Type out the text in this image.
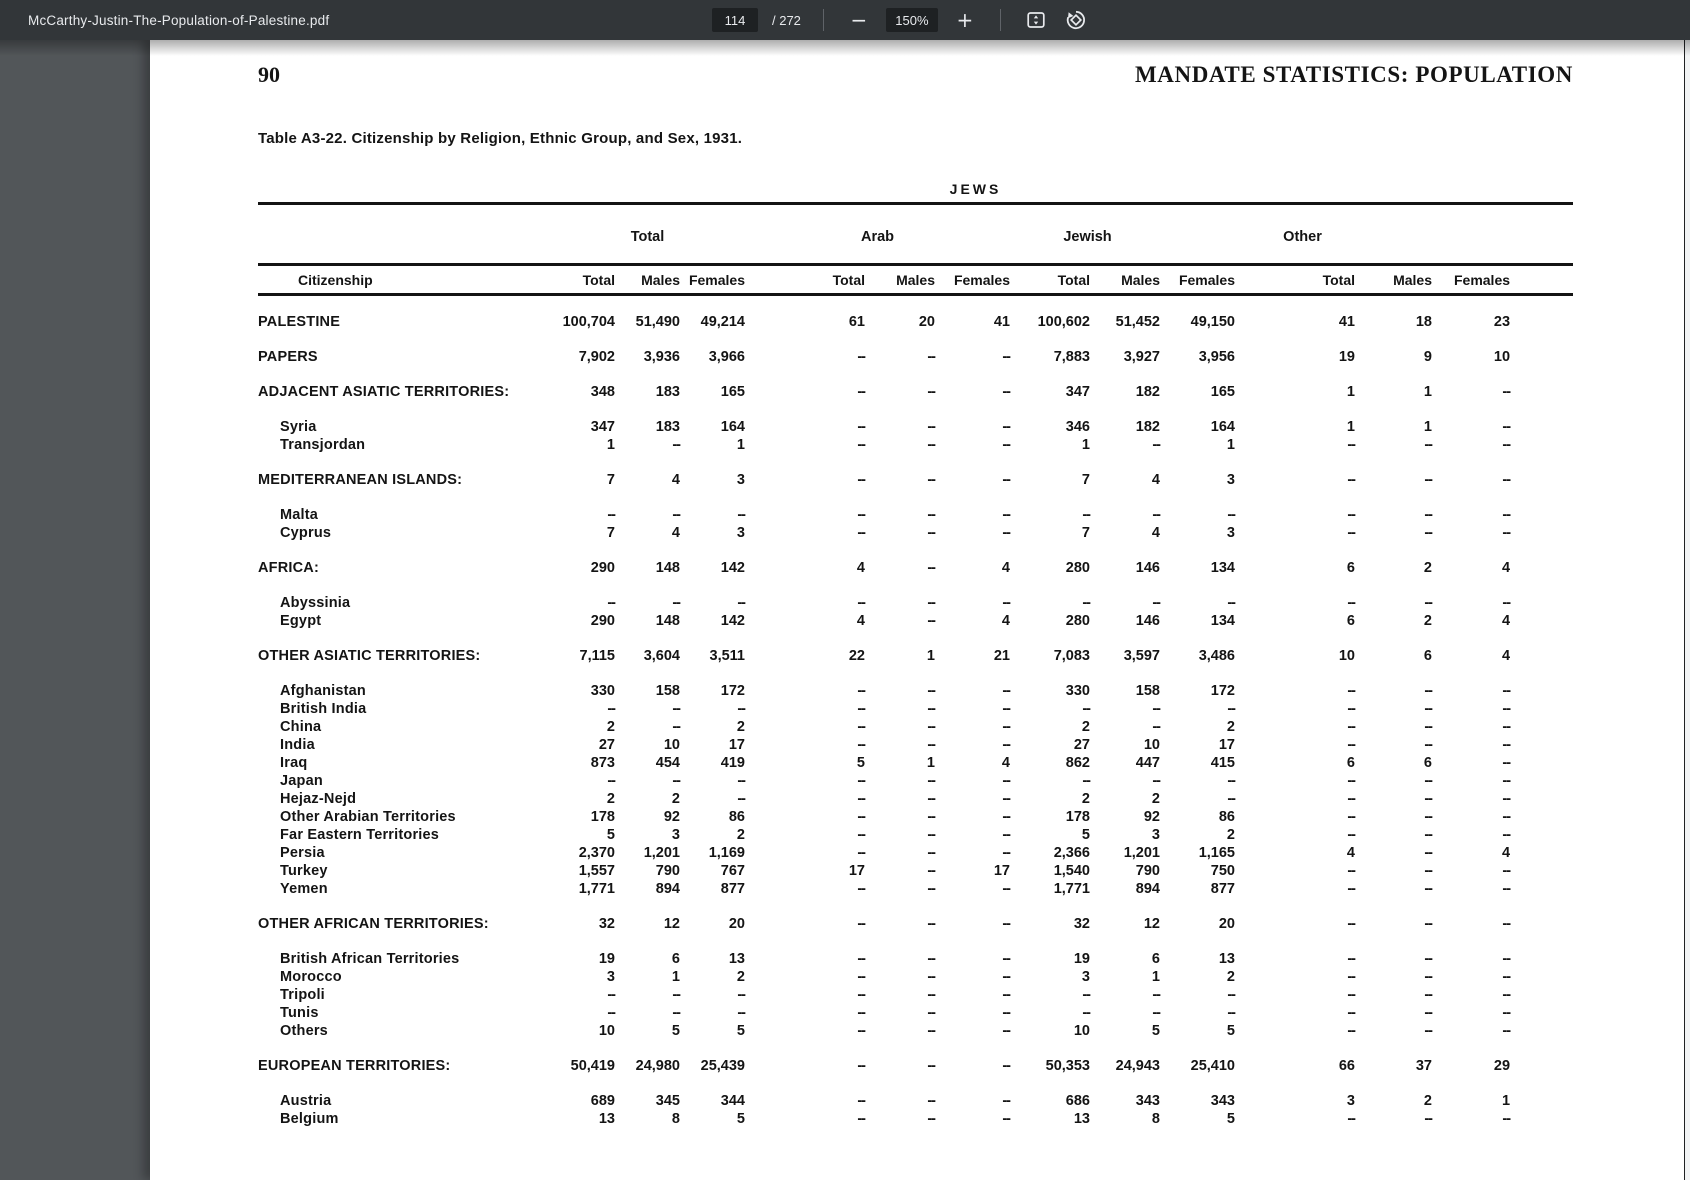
McCarthy-Justin-The-Population-of-Palestine.pdf
114	/ 272 −	150%	+
90	MANDATE STATISTICS: POPULATION
Table A3-22. Citizenship by Religion, Ethnic Group, and Sex, 1931.
JEWS
	Total			Arab			Jewish			Other			
Citizenship	Total	Males	Females	Total	Males	Females	Total	Males	Females	Total	Males	Females	
PALESTINE	100,704	51,490	49,214	61	20	41	100,602	51,452	49,150	41	18	23	
PAPERS	7,902	3,936	3,966	--	--	--	7,883	3,927	3,956	19	9	10	
ADJACENT ASIATIC TERRITORIES:	348	183	165	--	--	--	347	182	165	1	1	--	
Syria	347	183	164	--	--	--	346	182	164	1	1	--	
Transjordan	1	--	1	--	--	--	1	--	1	--	--	--	
MEDITERRANEAN ISLANDS:	7	4	3	--	--	--	7	4	3	--	--	--	
Malta	--	--	--	--	--	--	--	--	--	--	--	--	
Cyprus	7	4	3	--	--	--	7	4	3	--	--	--	
AFRICA:	290	148	142	4	--	4	280	146	134	6	2	4	
Abyssinia	--	--	--	--	--	--	--	--	--	--	--	--	
Egypt	290	148	142	4	--	4	280	146	134	6	2	4	
OTHER ASIATIC TERRITORIES:	7,115	3,604	3,511	22	1	21	7,083	3,597	3,486	10	6	4	
Afghanistan	330	158	172	--	--	--	330	158	172	--	--	--	
British India	--	--	--	--	--	--	--	--	--	--	--	--	
China	2	--	2	--	--	--	2	--	2	--	--	--	
India	27	10	17	--	--	--	27	10	17	--	--	--	
Iraq	873	454	419	5	1	4	862	447	415	6	6	--	
Japan	--	--	--	--	--	--	--	--	--	--	--	--	
Hejaz-Nejd	2	2	--	--	--	--	2	2	--	--	--	--	
Other Arabian Territories	178	92	86	--	--	--	178	92	86	--	--	--	
Far Eastern Territories	5	3	2	--	--	--	5	3	2	--	--	--	
Persia	2,370	1,201	1,169	--	--	--	2,366	1,201	1,165	4	--	4	
Turkey	1,557	790	767	17	--	17	1,540	790	750	--	--	--	
Yemen	1,771	894	877	--	--	--	1,771	894	877	--	--	--	
OTHER AFRICAN TERRITORIES:	32	12	20	--	--	--	32	12	20	--	--	--	
British African Territories	19	6	13	--	--	--	19	6	13	--	--	--	
Morocco	3	1	2	--	--	--	3	1	2	--	--	--	
Tripoli	--	--	--	--	--	--	--	--	--	--	--	--	
Tunis	--	--	--	--	--	--	--	--	--	--	--	--	
Others	10	5	5	--	--	--	10	5	5	--	--	--	
EUROPEAN TERRITORIES:	50,419	24,980	25,439	--	--	--	50,353	24,943	25,410	66	37	29	
Austria	689	345	344	--	--	--	686	343	343	3	2	1	
Belgium	13	8	5	--	--	--	13	8	5	--	--	--	
